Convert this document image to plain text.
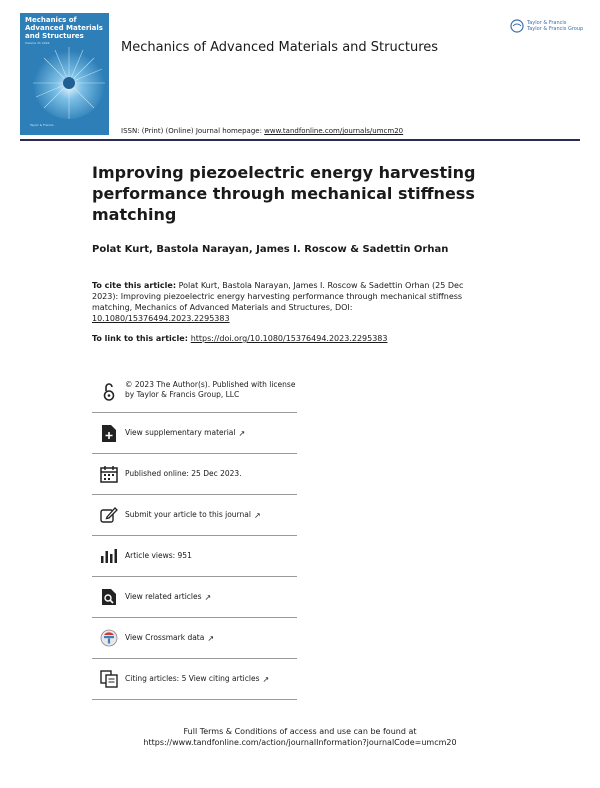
Mechanics of Advanced Materials and Structures
Volume 31 2024
Taylor & Francis
Mechanics of Advanced Materials and Structures
Taylor & Francis
Taylor & Francis Group
ISSN: (Print) (Online) Journal homepage: www.tandfonline.com/journals/umcm20
Improving piezoelectric energy harvesting performance through mechanical stiffness matching
Polat Kurt, Bastola Narayan, James I. Roscow & Sadettin Orhan
To cite this article: Polat Kurt, Bastola Narayan, James I. Roscow & Sadettin Orhan (25 Dec 2023): Improving piezoelectric energy harvesting performance through mechanical stiffness matching, Mechanics of Advanced Materials and Structures, DOI: 10.1080/15376494.2023.2295383
To link to this article: https://doi.org/10.1080/15376494.2023.2295383
© 2023 The Author(s). Published with license by Taylor & Francis Group, LLC
View supplementary material ↗
Published online: 25 Dec 2023.
Submit your article to this journal ↗
Article views: 951
View related articles ↗
View Crossmark data ↗
Citing articles: 5 View citing articles ↗
Full Terms & Conditions of access and use can be found at
https://www.tandfonline.com/action/journalInformation?journalCode=umcm20
